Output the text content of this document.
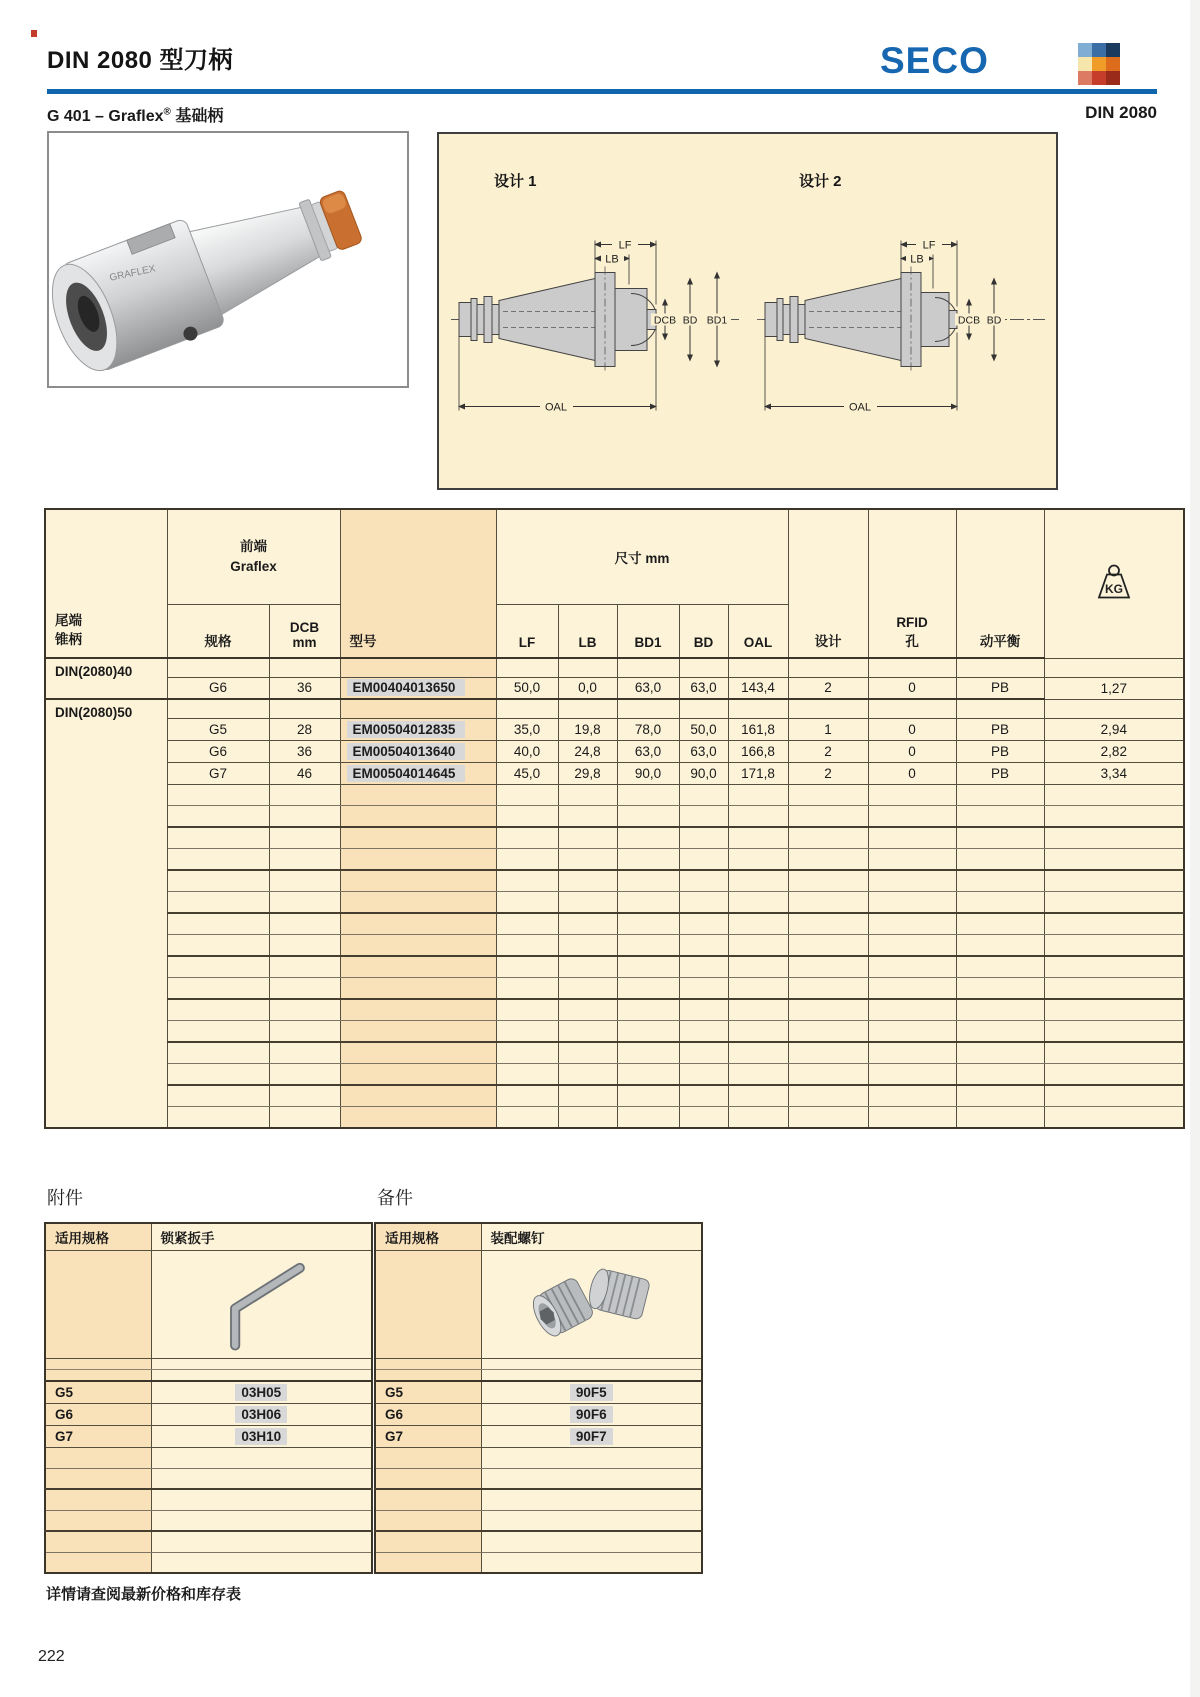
DIN 2080 型刀柄	SECO
G 401 – Graflex® 基础柄	DIN 2080
GRAFLEX
设计 1	设计 2
LF
LB
DCB BD BD1
OAL
LF
LB
DCB BD
OAL
尾端
锥柄	前端
Graflex		型号	尺寸 mm					设计	RFID
孔	动平衡	KG

	规格	DCB
mm		LF	LB	BD1	BD	OAL				
DIN(2080)40												
	G6	36	EM00404013650	50,0	0,0	63,0	63,0	143,4	2	0	PB	1,27
DIN(2080)50												
	G5	28	EM00504012835	35,0	19,8	78,0	50,0	161,8	1	0	PB	2,94
	G6	36	EM00504013640	40,0	24,8	63,0	63,0	166,8	2	0	PB	2,82
	G7	46	EM00504014645	45,0	29,8	90,0	90,0	171,8	2	0	PB	3,34

附件	备件
适用规格	锁紧扳手

G5	03H05
G6	03H06
G7	03H10

适用规格	装配螺钉

G5	90F5
G6	90F6
G7	90F7

详情请查阅最新价格和库存表
222
